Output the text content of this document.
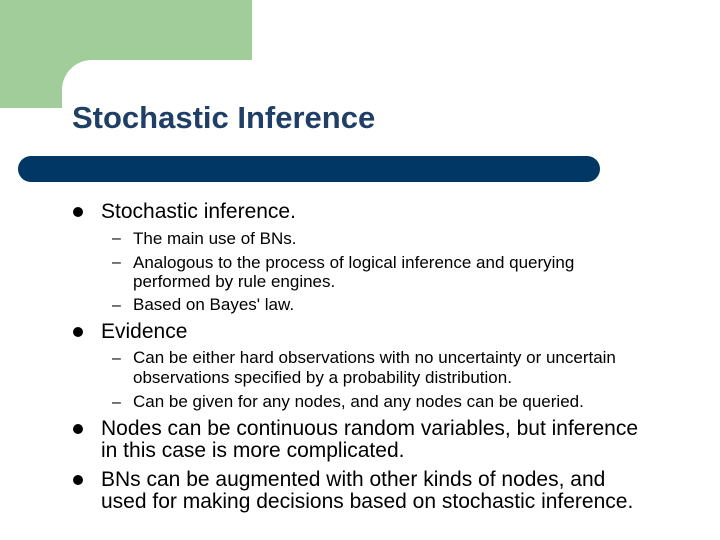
Stochastic Inference
Stochastic inference.
– The main use of BNs.
– Analogous to the process of logical inference and querying
performed by rule engines.
– Based on Bayes' law.
Evidence
– Can be either hard observations with no uncertainty or uncertain
observations specified by a probability distribution.
– Can be given for any nodes, and any nodes can be queried.
Nodes can be continuous random variables, but inference
in this case is more complicated.
BNs can be augmented with other kinds of nodes, and
used for making decisions based on stochastic inference.
